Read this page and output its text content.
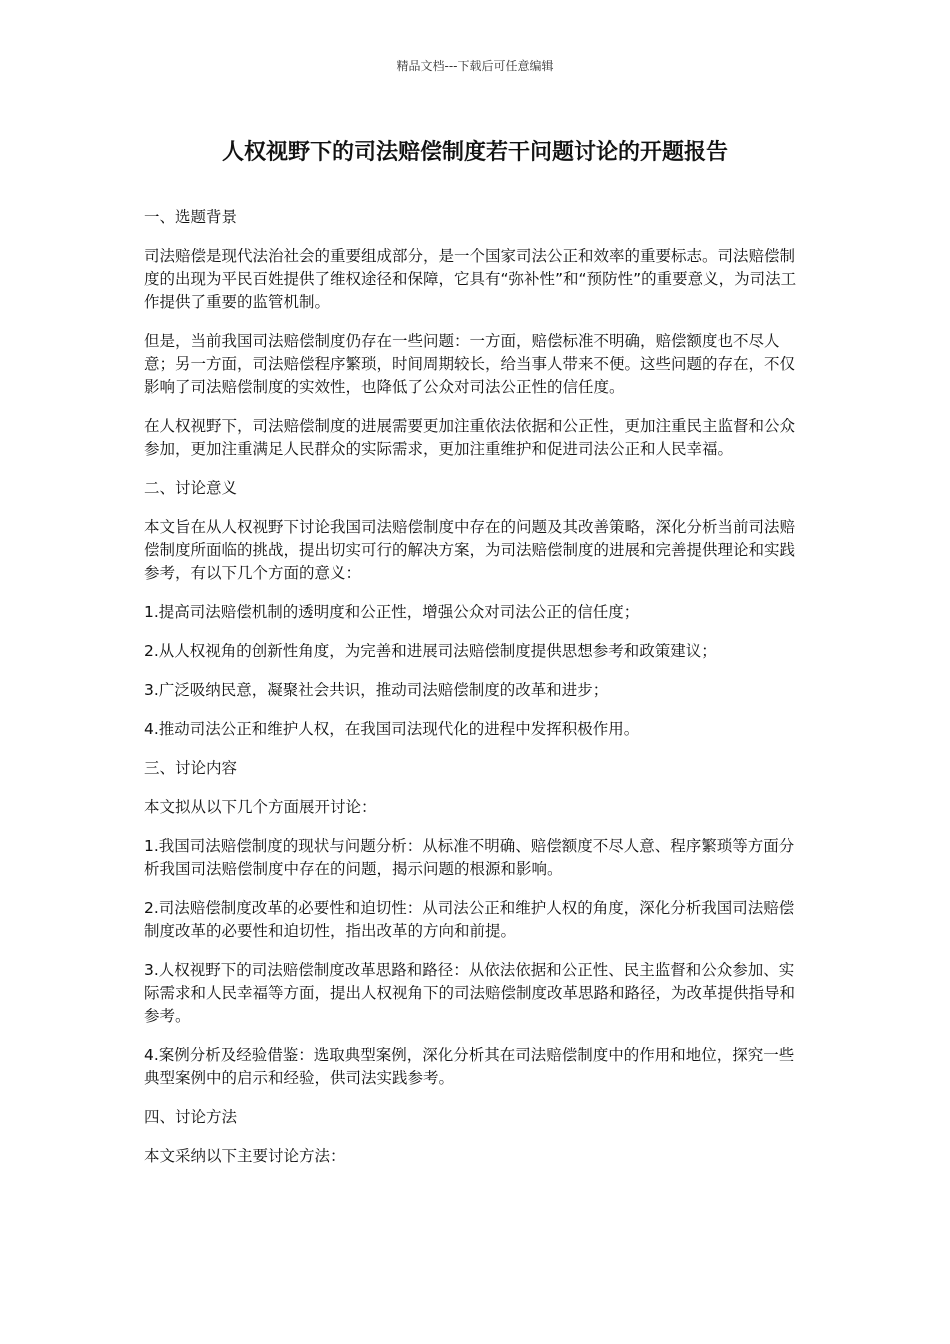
精品文档---下载后可任意编辑
人权视野下的司法赔偿制度若干问题讨论的开题报告

一、选题背景

司法赔偿是现代法治社会的重要组成部分，是一个国家司法公正和效率的重要标志。司法赔偿制度的出现为平民百姓提供了维权途径和保障，它具有“弥补性”和“预防性”的重要意义，为司法工作提供了重要的监管机制。

但是，当前我国司法赔偿制度仍存在一些问题：一方面，赔偿标准不明确，赔偿额度也不尽人意；另一方面，司法赔偿程序繁琐，时间周期较长，给当事人带来不便。这些问题的存在，不仅影响了司法赔偿制度的实效性，也降低了公众对司法公正性的信任度。

在人权视野下，司法赔偿制度的进展需要更加注重依法依据和公正性，更加注重民主监督和公众参加，更加注重满足人民群众的实际需求，更加注重维护和促进司法公正和人民幸福。

二、讨论意义

本文旨在从人权视野下讨论我国司法赔偿制度中存在的问题及其改善策略，深化分析当前司法赔偿制度所面临的挑战，提出切实可行的解决方案，为司法赔偿制度的进展和完善提供理论和实践参考，有以下几个方面的意义：

1.提高司法赔偿机制的透明度和公正性，增强公众对司法公正的信任度；

2.从人权视角的创新性角度，为完善和进展司法赔偿制度提供思想参考和政策建议；

3.广泛吸纳民意，凝聚社会共识，推动司法赔偿制度的改革和进步；

4.推动司法公正和维护人权，在我国司法现代化的进程中发挥积极作用。

三、讨论内容

本文拟从以下几个方面展开讨论：

1.我国司法赔偿制度的现状与问题分析：从标准不明确、赔偿额度不尽人意、程序繁琐等方面分析我国司法赔偿制度中存在的问题，揭示问题的根源和影响。

2.司法赔偿制度改革的必要性和迫切性：从司法公正和维护人权的角度，深化分析我国司法赔偿制度改革的必要性和迫切性，指出改革的方向和前提。

3.人权视野下的司法赔偿制度改革思路和路径：从依法依据和公正性、民主监督和公众参加、实际需求和人民幸福等方面，提出人权视角下的司法赔偿制度改革思路和路径，为改革提供指导和参考。

4.案例分析及经验借鉴：选取典型案例，深化分析其在司法赔偿制度中的作用和地位，探究一些典型案例中的启示和经验，供司法实践参考。

四、讨论方法

本文采纳以下主要讨论方法：
